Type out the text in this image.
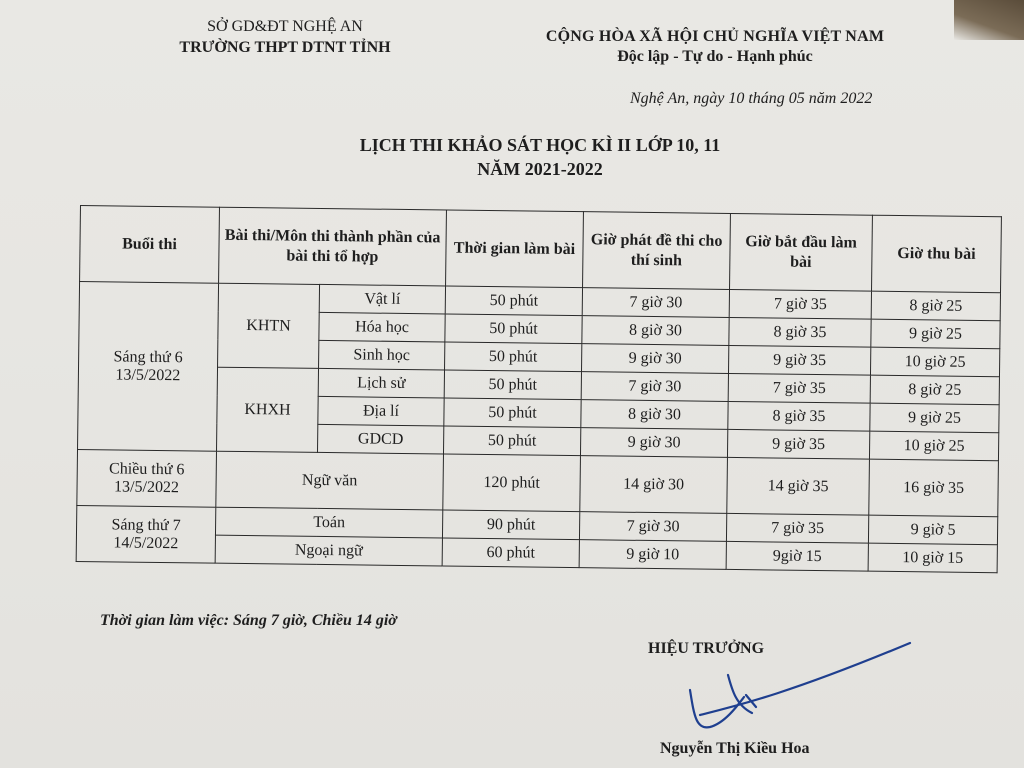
SỞ GD&ĐT NGHỆ AN
TRƯỜNG THPT DTNT TỈNH
CỘNG HÒA XÃ HỘI CHỦ NGHĨA VIỆT NAM
Độc lập - Tự do - Hạnh phúc
Nghệ An, ngày 10 tháng 05 năm 2022
LỊCH THI KHẢO SÁT HỌC KÌ II LỚP 10, 11
NĂM 2021-2022
Buổi thi	Bài thi/Môn thi thành phần của bài thi tổ hợp		Thời gian làm bài	Giờ phát đề thi cho thí sinh	Giờ bắt đầu làm bài	Giờ thu bài
Sáng thứ 6 13/5/2022	KHTN	Vật lí	50 phút	7 giờ 30	7 giờ 35	8 giờ 25
		Hóa học	50 phút	8 giờ 30	8 giờ 35	9 giờ 25
		Sinh học	50 phút	9 giờ 30	9 giờ 35	10 giờ 25
	KHXH	Lịch sử	50 phút	7 giờ 30	7 giờ 35	8 giờ 25
		Địa lí	50 phút	8 giờ 30	8 giờ 35	9 giờ 25
		GDCD	50 phút	9 giờ 30	9 giờ 35	10 giờ 25
Chiều thứ 6 13/5/2022	Ngữ văn		120 phút	14 giờ 30	14 giờ 35	16 giờ 35
Sáng thứ 7 14/5/2022	Toán		90 phút	7 giờ 30	7 giờ 35	9 giờ 5
	Ngoại ngữ		60 phút	9 giờ 10	9giờ 15	10 giờ 15
Thời gian làm việc: Sáng 7 giờ, Chiều 14 giờ
HIỆU TRƯỞNG
Nguyễn Thị Kiều Hoa
